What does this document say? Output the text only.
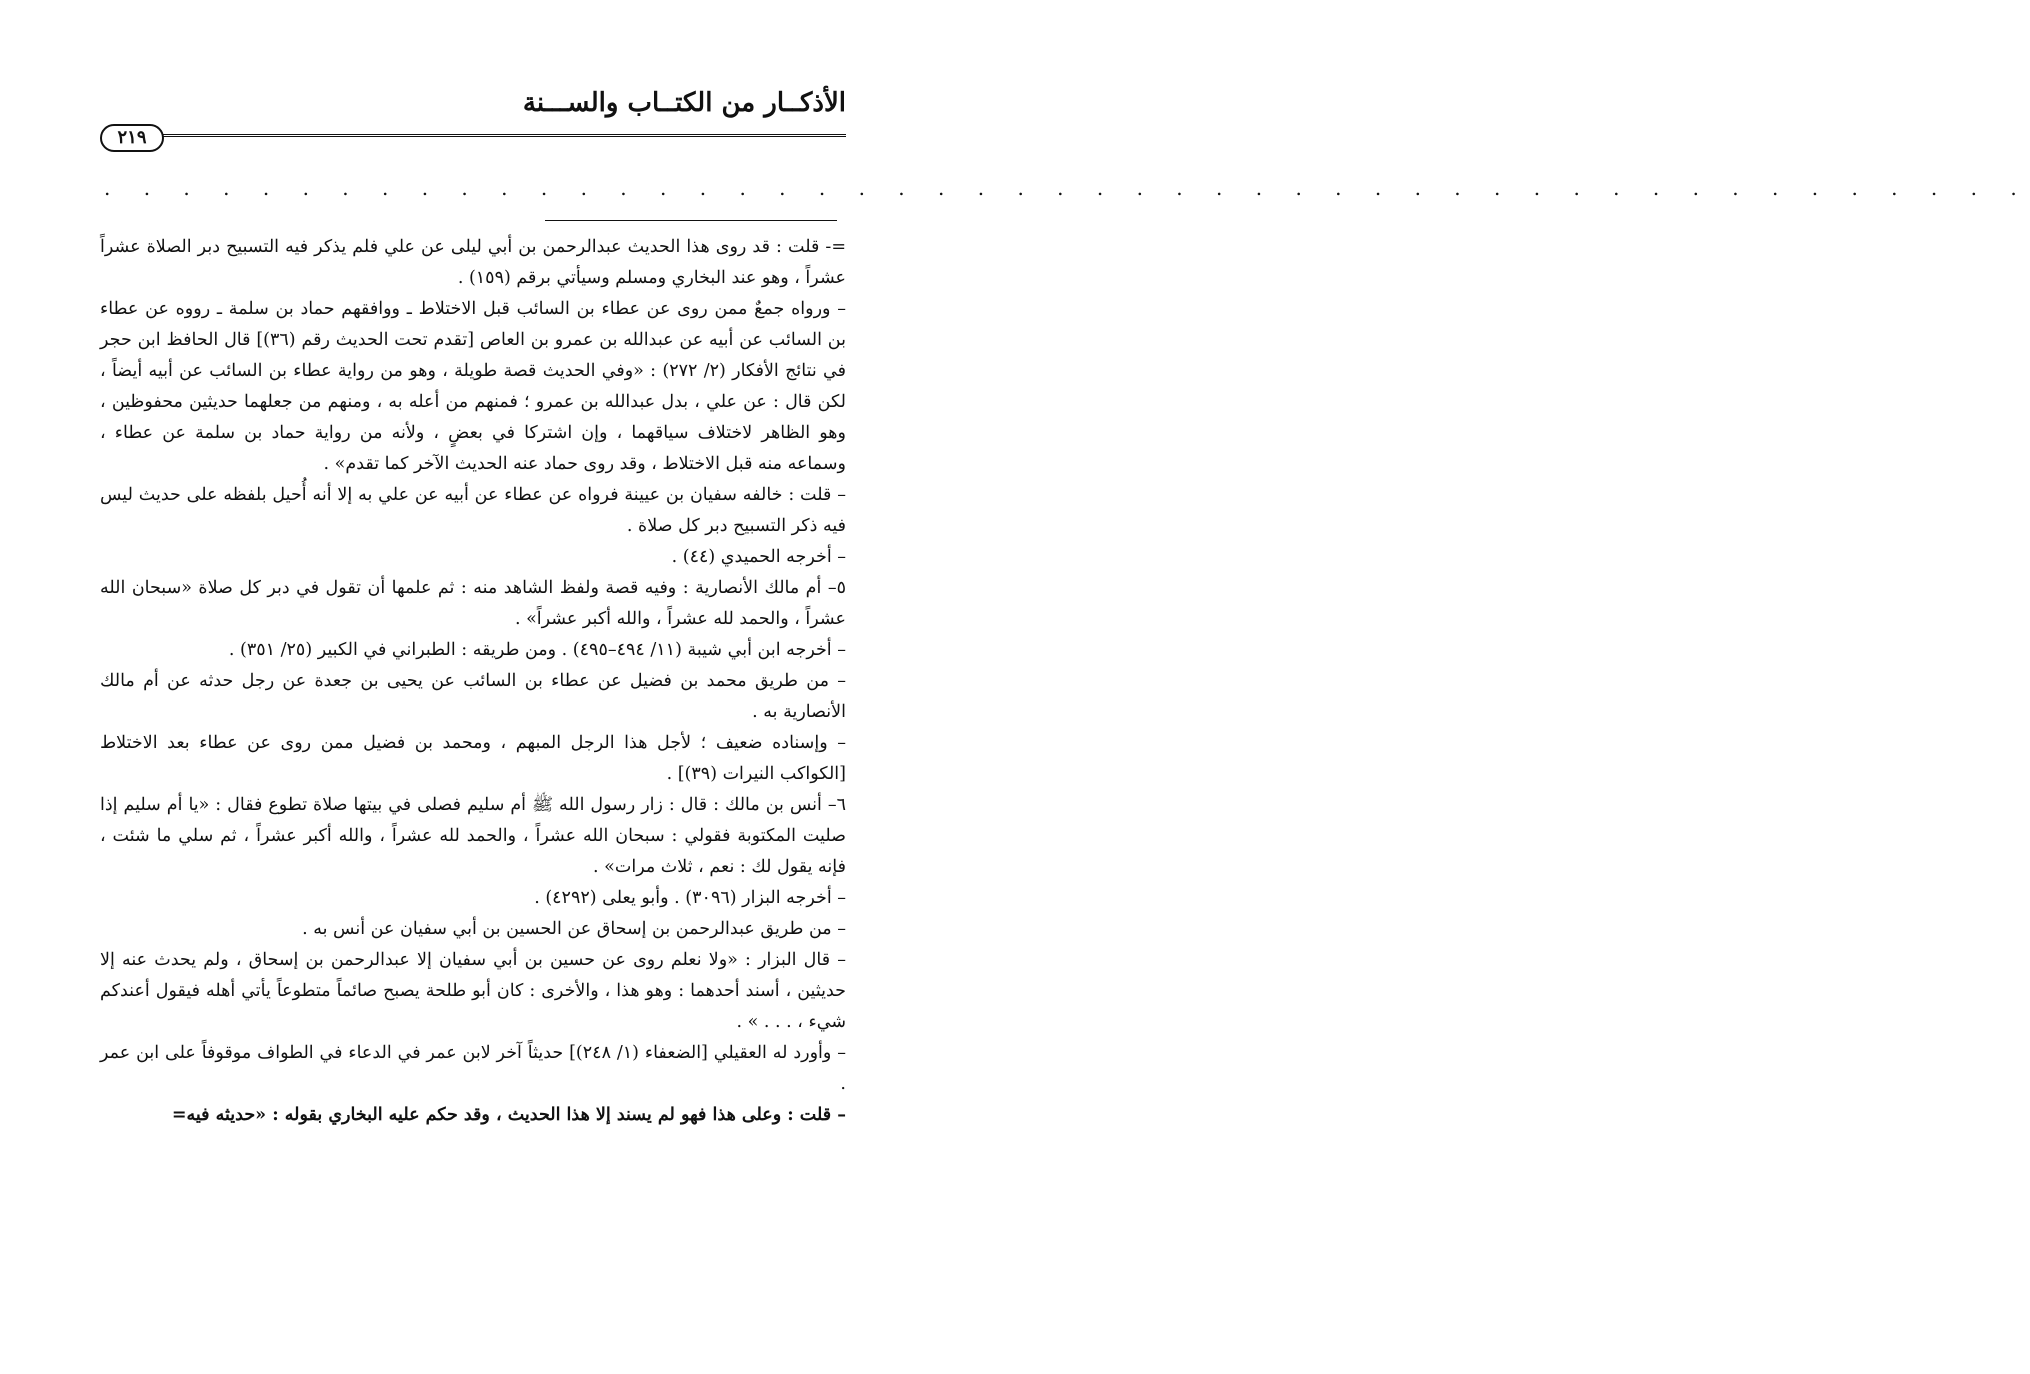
الأذكــار من الكتــاب والســـنة
٢١٩
. . . . . . . . . . . . . . . . . . . . . . . . . . . . . . . . . . . . . . . . . . . . . . . . .

=- قلت : قد روى هذا الحديث عبدالرحمن بن أبي ليلى عن علي فلم يذكر فيه التسبيح دبر الصلاة عشراً عشراً ، وهو عند البخاري ومسلم وسيأتي برقم (١٥٩) .

– ورواه جمعٌ ممن روى عن عطاء بن السائب قبل الاختلاط ـ ووافقهم حماد بن سلمة ـ رووه عن عطاء بن السائب عن أبيه عن عبدالله بن عمرو بن العاص [تقدم تحت الحديث رقم (٣٦)] قال الحافظ ابن حجر في نتائج الأفكار (٢/ ٢٧٢) : «وفي الحديث قصة طويلة ، وهو من رواية عطاء بن السائب عن أبيه أيضاً ، لكن قال : عن علي ، بدل عبدالله بن عمرو ؛ فمنهم من أعله به ، ومنهم من جعلهما حديثين محفوظين ، وهو الظاهر لاختلاف سياقهما ، وإن اشتركا في بعضٍ ، ولأنه من رواية حماد بن سلمة عن عطاء ، وسماعه منه قبل الاختلاط ، وقد روى حماد عنه الحديث الآخر كما تقدم» .

– قلت : خالفه سفيان بن عيينة فرواه عن عطاء عن أبيه عن علي به إلا أنه أُحيل بلفظه على حديث ليس فيه ذكر التسبيح دبر كل صلاة .

– أخرجه الحميدي (٤٤) .

٥– أم مالك الأنصارية : وفيه قصة ولفظ الشاهد منه : ثم علمها أن تقول في دبر كل صلاة «سبحان الله عشراً ، والحمد لله عشراً ، والله أكبر عشراً» .

– أخرجه ابن أبي شيبة (١١/ ٤٩٤–٤٩٥) . ومن طريقه : الطبراني في الكبير (٢٥/ ٣٥١) .

– من طريق محمد بن فضيل عن عطاء بن السائب عن يحيى بن جعدة عن رجل حدثه عن أم مالك الأنصارية به .

– وإسناده ضعيف ؛ لأجل هذا الرجل المبهم ، ومحمد بن فضيل ممن روى عن عطاء بعد الاختلاط [الكواكب النيرات (٣٩)] .

٦– أنس بن مالك : قال : زار رسول الله ﷺ أم سليم فصلى في بيتها صلاة تطوع فقال : «يا أم سليم إذا صليت المكتوبة فقولي : سبحان الله عشراً ، والحمد لله عشراً ، والله أكبر عشراً ، ثم سلي ما شئت ، فإنه يقول لك : نعم ، ثلاث مرات» .

– أخرجه البزار (٣٠٩٦) . وأبو يعلى (٤٢٩٢) .

– من طريق عبدالرحمن بن إسحاق عن الحسين بن أبي سفيان عن أنس به .

– قال البزار : «ولا نعلم روى عن حسين بن أبي سفيان إلا عبدالرحمن بن إسحاق ، ولم يحدث عنه إلا حديثين ، أسند أحدهما : وهو هذا ، والأخرى : كان أبو طلحة يصبح صائماً متطوعاً يأتي أهله فيقول أعندكم شيء ، . . . » .

– وأورد له العقيلي [الضعفاء (١/ ٢٤٨)] حديثاً آخر لابن عمر في الدعاء في الطواف موقوفاً على ابن عمر .

– قلت : وعلى هذا فهو لم يسند إلا هذا الحديث ، وقد حكم عليه البخاري بقوله : «حديثه فيه=
